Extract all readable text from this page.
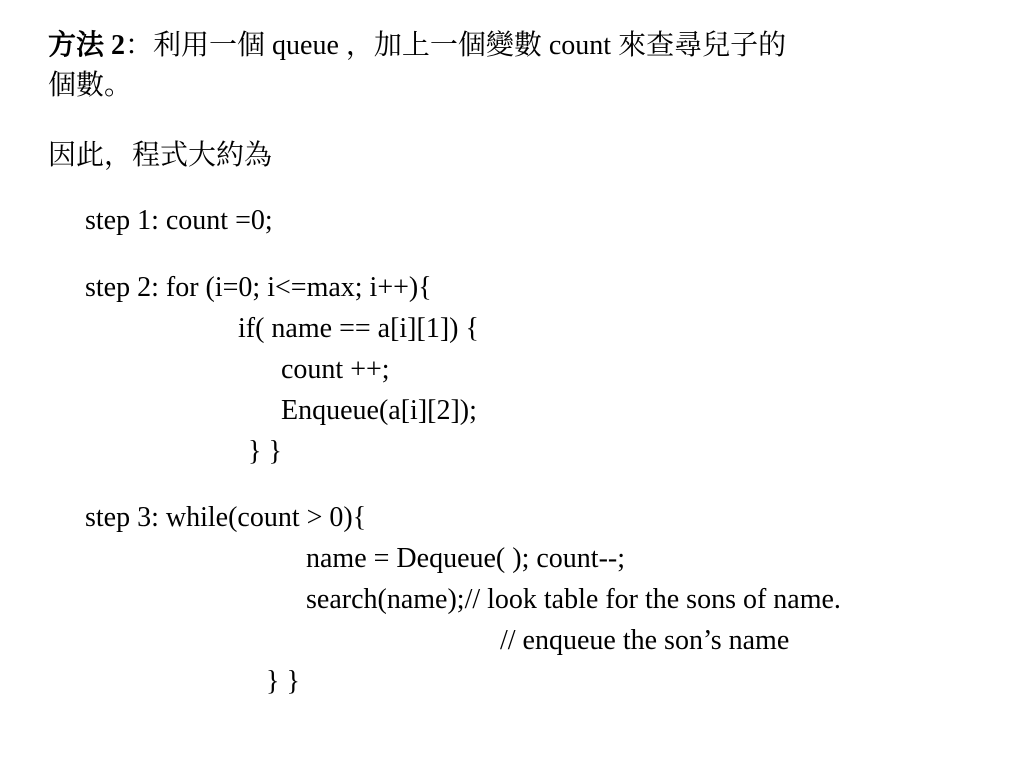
方法 2：利用一個 queue ，加上一個變數 count 來查尋兒子的
個數。
因此，程式大約為
step 1: count =0;
step 2: for (i=0; i<=max; i++){
if( name == a[i][1]) {
count ++;
Enqueue(a[i][2]);
} }
step 3: while(count > 0){
name = Dequeue( ); count--;
search(name);// look table for the sons of name.
// enqueue the son’s name
} }
